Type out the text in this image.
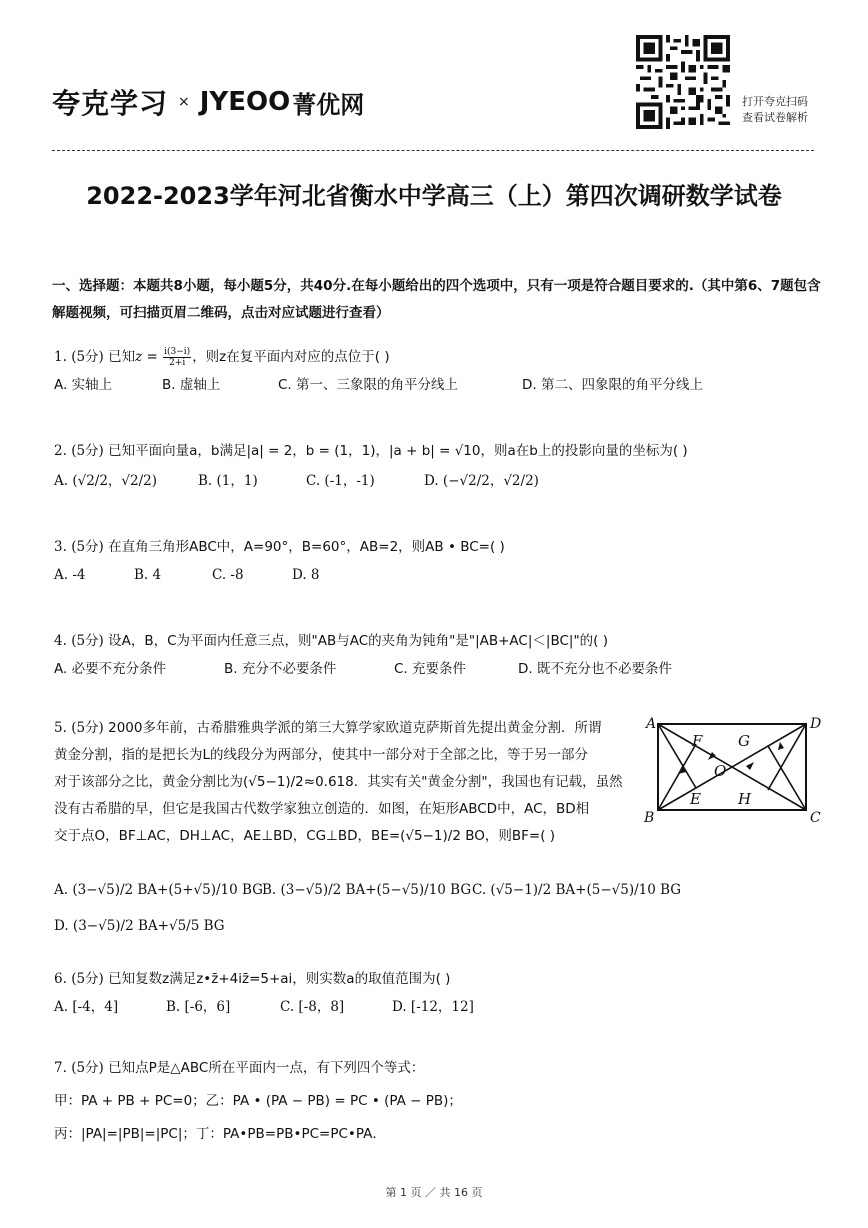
夸克学习 × JYEOO 菁优网	打开夸克扫码
查看试卷解析
2022-2023学年河北省衡水中学高三（上）第四次调研数学试卷
一、选择题：本题共8小题，每小题5分，共40分.在每小题给出的四个选项中，只有一项是符合题目要求的.（其中第6、7题包含解题视频，可扫描页眉二维码，点击对应试题进行查看）
1. (5分) 已知$z = \frac{i(3-i)}{2+i}$ ，则z在复平面内对应的点位于( )
A. 实轴上	B. 虚轴上	C. 第一、三象限的角平分线上	D. 第二、四象限的角平分线上
2. (5分) 已知平面向量a，b满足|a| = 2，b = (1，1)，|a + b| = √10，则a在b上的投影向量的坐标为( )
A. (√2/2，√2/2)	B. (1，1)	C. (-1，-1)	D. (−√2/2，√2/2)
3. (5分) 在直角三角形ABC中，A=90°，B=60°，AB=2，则AB • BC=( )
A. -4	B. 4	C. -8	D. 8
4. (5分) 设A，B，C为平面内任意三点，则"AB与AC的夹角为钝角"是"|AB+AC|＜|BC|"的( )
A. 必要不充分条件	B. 充分不必要条件	C. 充要条件	D. 既不充分也不必要条件
5. (5分) 2000多年前，古希腊雅典学派的第三大算学家欧道克萨斯首先提出黄金分割．所谓
黄金分割，指的是把长为L的线段分为两部分，使其中一部分对于全部之比，等于另一部分
对于该部分之比，黄金分割比为(√5−1)/2≈0.618．其实有关"黄金分割"，我国也有记载，虽然
没有古希腊的早，但它是我国古代数学家独立创造的．如图，在矩形ABCD中，AC，BD相
交于点O，BF⊥AC，DH⊥AC，AE⊥BD，CG⊥BD，BE=(√5−1)/2 BO，则BF=( )
A. (3−√5)/2 BA+(5+√5)/10 BGB. (3−√5)/2 BA+(5−√5)/10 BGC. (√5−1)/2 BA+(5−√5)/10 BG
D. (3−√5)/2 BA+√5/5 BG
A	D
B	C
F G
O
E H
6. (5分) 已知复数z满足z•z̄+4iz̄=5+ai，则实数a的取值范围为( )
A. [-4，4]	B. [-6，6]	C. [-8，8]	D. [-12，12]
7. (5分) 已知点P是△ABC所在平面内一点，有下列四个等式：
甲：PA + PB + PC=0；乙：PA • (PA − PB) = PC • (PA − PB)；
丙：|PA|=|PB|=|PC|；丁：PA•PB=PB•PC=PC•PA．
第 1 页 ／ 共 16 页
